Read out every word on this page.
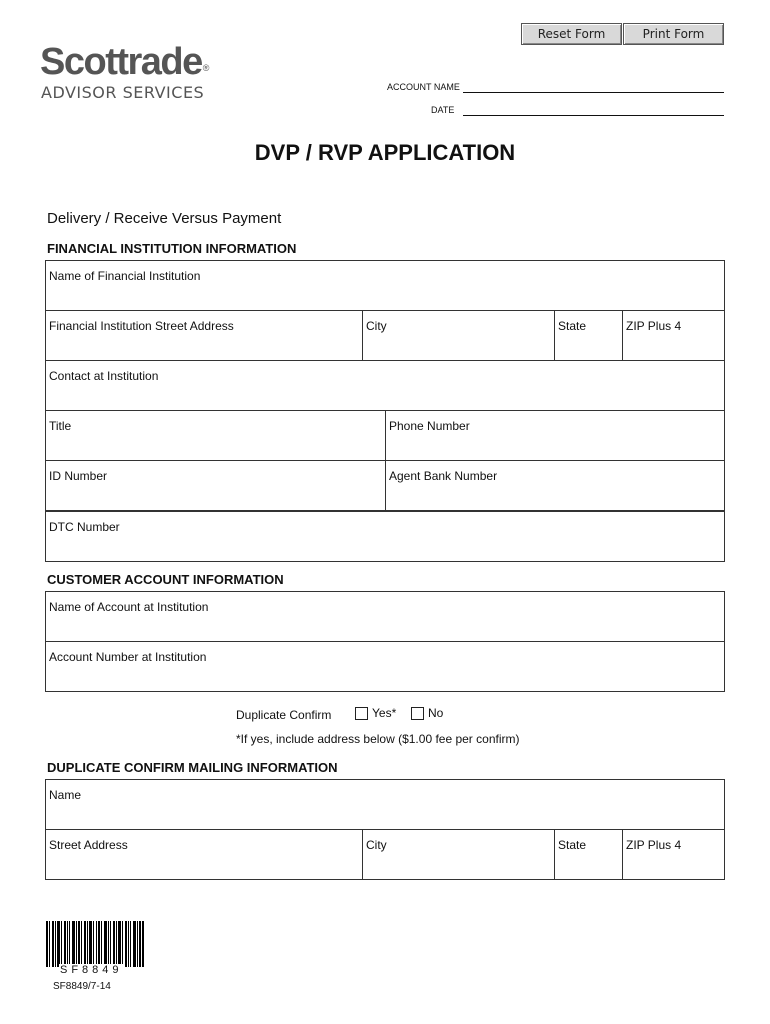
Reset Form	Print Form
Scottrade®
ADVISOR SERVICES	ACCOUNT NAME
DATE
DVP / RVP APPLICATION
Delivery / Receive Versus Payment
FINANCIAL INSTITUTION INFORMATION
Name of Financial Institution
Financial Institution Street Address	City	State	ZIP Plus 4
Contact at Institution
Title	Phone Number
ID Number	Agent Bank Number
DTC Number
CUSTOMER ACCOUNT INFORMATION
Name of Account at Institution
Account Number at Institution
Duplicate Confirm	Yes*	No
*If yes, include address below ($1.00 fee per confirm)
DUPLICATE CONFIRM MAILING INFORMATION
Name
Street Address	City	State	ZIP Plus 4
SF8849
SF8849/7-14
